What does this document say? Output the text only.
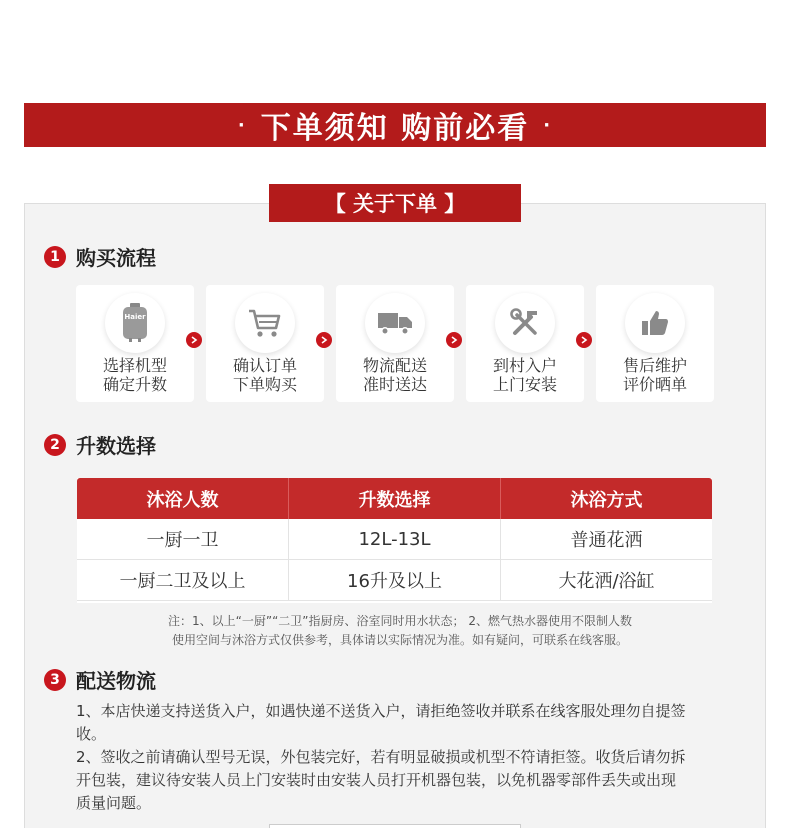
· 下单须知 购前必看 ·
【 关于下单 】
1 购买流程
Haier
选择机型
确定升数
确认订单
下单购买
物流配送
准时送达
到村入户
上门安装
售后维护
评价晒单
2 升数选择
沐浴人数	升数选择	沐浴方式
一厨一卫	12L-13L	普通花洒
一厨二卫及以上	16升及以上	大花洒/浴缸
注：1、以上“一厨”“二卫”指厨房、浴室同时用水状态； 2、燃气热水器使用不限制人数
使用空间与沐浴方式仅供参考，具体请以实际情况为准。如有疑问，可联系在线客服。
3 配送物流
1、本店快递支持送货入户，如遇快递不送货入户，请拒绝签收并联系在线客服处理勿自提签收。
2、签收之前请确认型号无误，外包装完好，若有明显破损或机型不符请拒签。收货后请勿拆开包装，建议待安装人员上门安装时由安装人员打开机器包装，以免机器零部件丢失或出现质量问题。
